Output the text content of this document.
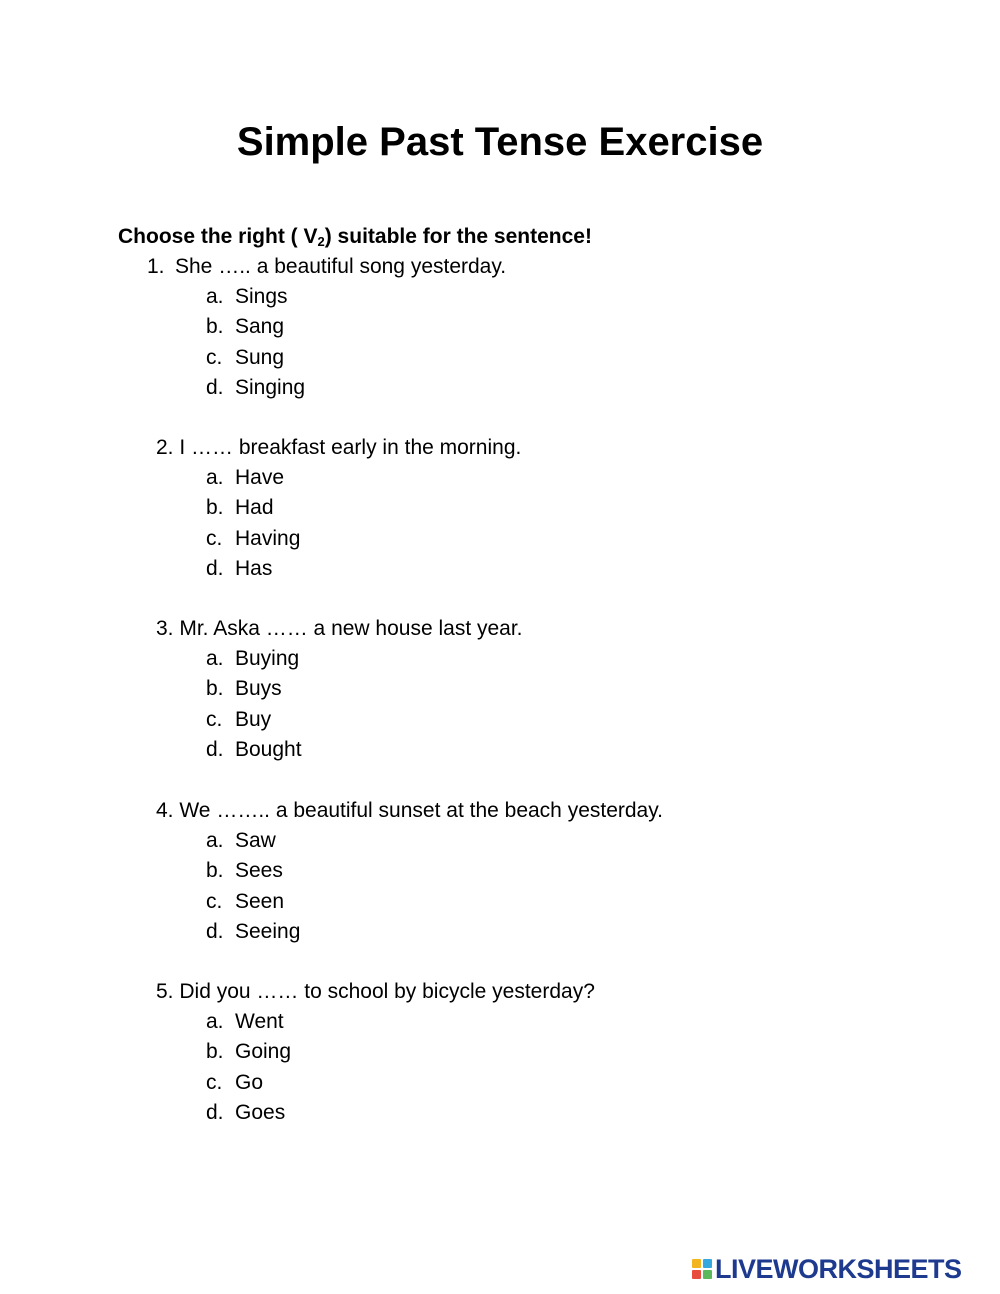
Simple Past Tense Exercise
Choose the right ( $V_2$) suitable for the sentence!
1. She ….. a beautiful song yesterday.
a. Sings
b. Sang
c. Sung
d. Singing
2. I …… breakfast early in the morning.
a. Have
b. Had
c. Having
d. Has
3. Mr. Aska …… a new house last year.
a. Buying
b. Buys
c. Buy
d. Bought
4. We …….. a beautiful sunset at the beach yesterday.
a. Saw
b. Sees
c. Seen
d. Seeing
5. Did you …… to school by bicycle yesterday?
a. Went
b. Going
c. Go
d. Goes
LIVEWORKSHEETS
